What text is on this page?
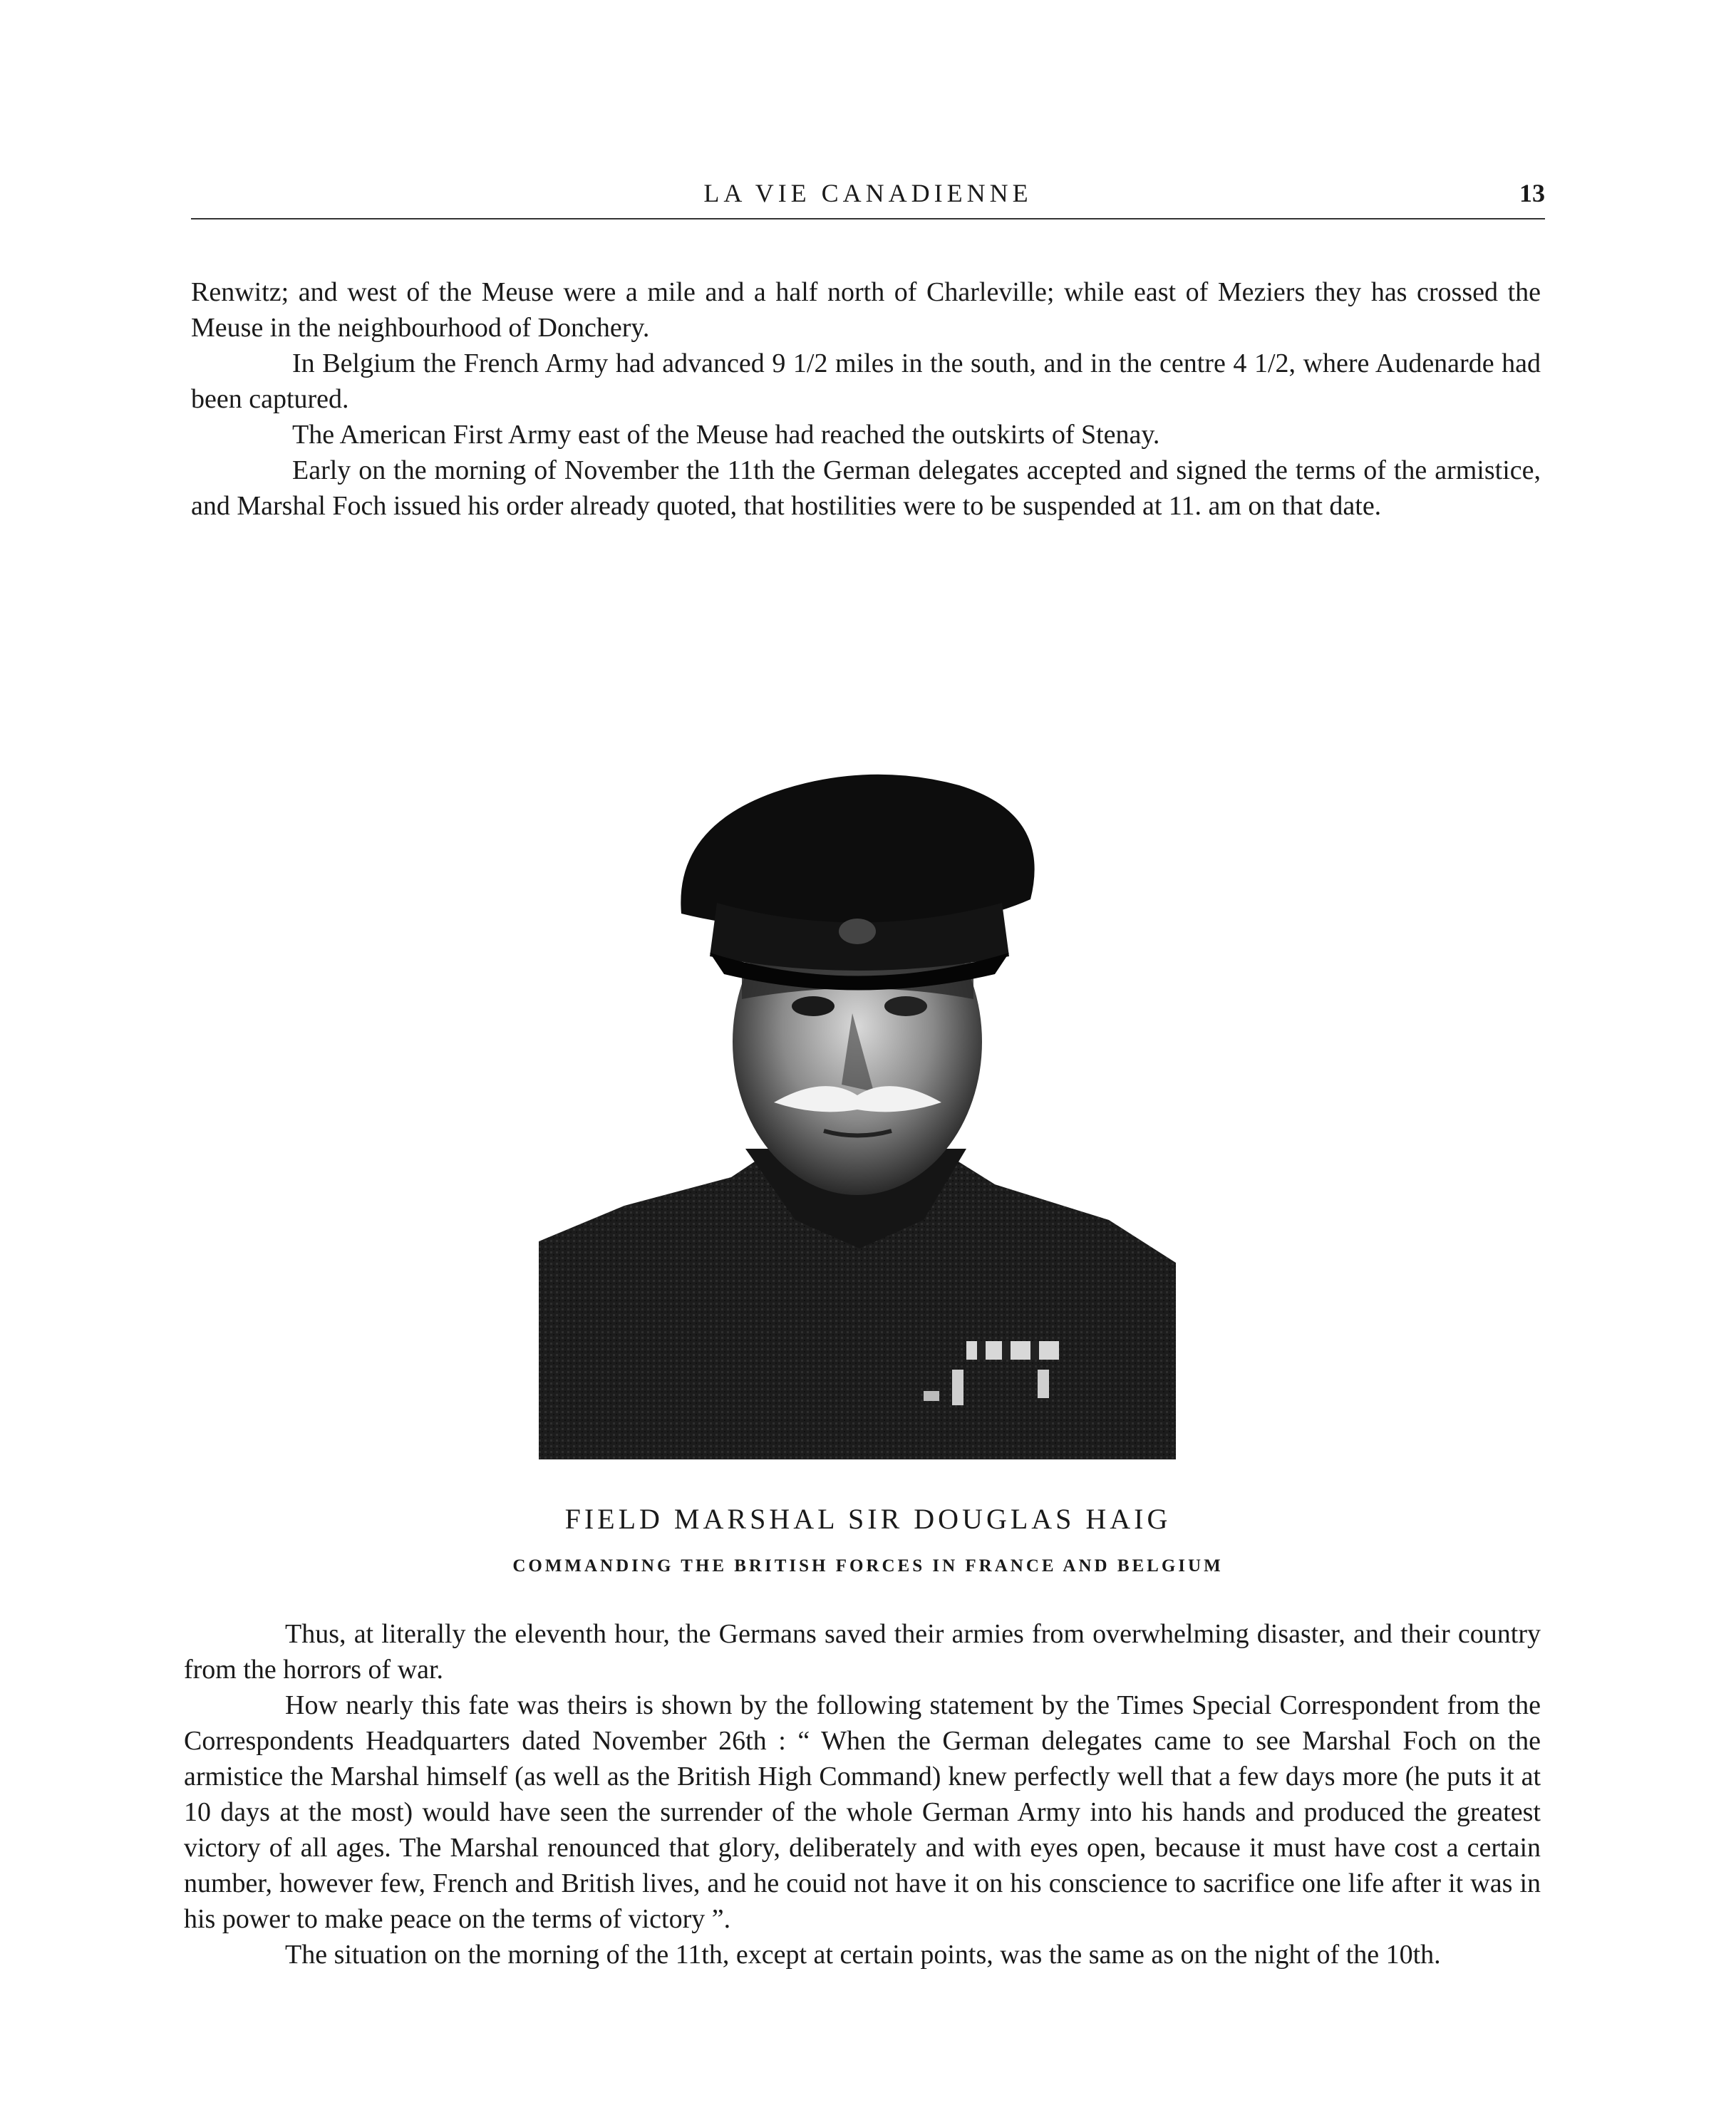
LA VIE CANADIENNE	13

Renwitz; and west of the Meuse were a mile and a half north of Charleville; while east of Meziers they has crossed the Meuse in the neighbourhood of Donchery.

In Belgium the French Army had advanced 9 1/2 miles in the south, and in the centre 4 1/2, where Audenarde had been captured.

The American First Army east of the Meuse had reached the outskirts of Stenay.

Early on the morning of November the 11th the German delegates accepted and signed the terms of the armistice, and Marshal Foch issued his order already quoted, that hostilities were to be suspended at 11. am on that date.

FIELD MARSHAL SIR DOUGLAS HAIG
COMMANDING THE BRITISH FORCES IN FRANCE AND BELGIUM

Thus, at literally the eleventh hour, the Germans saved their armies from overwhelming disaster, and their country from the horrors of war.

How nearly this fate was theirs is shown by the following statement by the Times Special Correspondent from the Correspondents Headquarters dated November 26th : “ When the German delegates came to see Marshal Foch on the armistice the Marshal himself (as well as the British High Command) knew perfectly well that a few days more (he puts it at 10 days at the most) would have seen the surrender of the whole German Army into his hands and produced the greatest victory of all ages. The Marshal renounced that glory, deliberately and with eyes open, because it must have cost a certain number, however few, French and British lives, and he couid not have it on his conscience to sacrifice one life after it was in his power to make peace on the terms of victory ”.

The situation on the morning of the 11th, except at certain points, was the same as on the night of the 10th.
